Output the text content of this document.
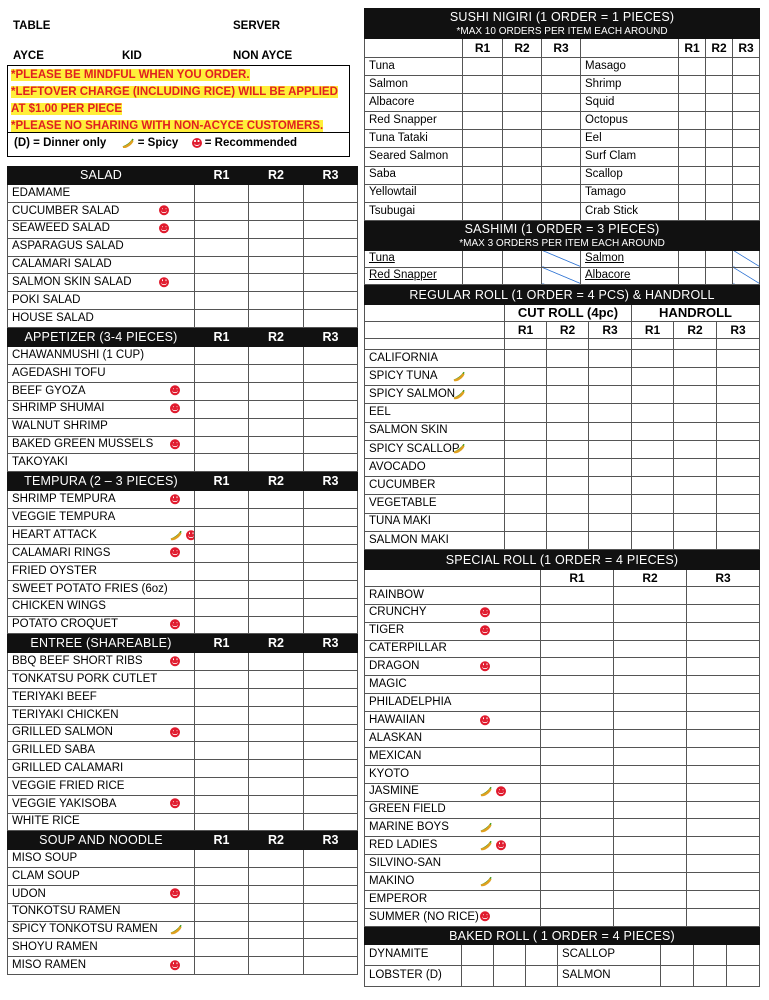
TABLE	SERVER
AYCE	KID	NON AYCE
*PLEASE BE MINDFUL WHEN YOU ORDER.
*LEFTOVER CHARGE (INCLUDING RICE) WILL BE APPLIED
AT $1.00 PER PIECE
*PLEASE NO SHARING WITH NON-ACYCE CUSTOMERS.
(D) = Dinner only	= Spicy = Recommended
SALAD	R1	R2	R3
EDAMAME			
CUCUMBER SALAD

SEAWEED SALAD

ASPARAGUS SALAD			
CALAMARI SALAD			
SALMON SKIN SALAD

POKI SALAD			
HOUSE SALAD			
APPETIZER (3-4 PIECES)	R1	R2	R3
CHAWANMUSHI (1 CUP)			
AGEDASHI TOFU			
BEEF GYOZA

SHRIMP SHUMAI

WALNUT SHRIMP			
BAKED GREEN MUSSELS

TAKOYAKI			
TEMPURA (2 – 3 PIECES)	R1	R2	R3
SHRIMP TEMPURA

VEGGIE TEMPURA			
HEART ATTACK

CALAMARI RINGS

FRIED OYSTER			
SWEET POTATO FRIES (6oz)			
CHICKEN WINGS			
POTATO CROQUET

ENTREE (SHAREABLE)	R1	R2	R3
BBQ BEEF SHORT RIBS

TONKATSU PORK CUTLET			
TERIYAKI BEEF			
TERIYAKI CHICKEN			
GRILLED SALMON

GRILLED SABA			
GRILLED CALAMARI			
VEGGIE FRIED RICE			
VEGGIE YAKISOBA

WHITE RICE			
SOUP AND NOODLE	R1	R2	R3
MISO SOUP			
CLAM SOUP			
UDON

TONKOTSU RAMEN			
SPICY TONKOTSU RAMEN

SHOYU RAMEN			
MISO RAMEN

SUSHI NIGIRI (1 ORDER = 1 PIECES)							
*MAX 10 ORDERS PER ITEM EACH AROUND							
	R1	R2	R3		R1	R2	R3
Tuna				Masago			
Salmon				Shrimp			
Albacore				Squid			
Red Snapper				Octopus			
Tuna Tataki				Eel			
Seared Salmon				Surf Clam			
Saba				Scallop			
Yellowtail				Tamago			
Tsubugai				Crab Stick			
SASHIMI (1 ORDER = 3 PIECES)							
*MAX 3 ORDERS PER ITEM EACH AROUND							
Tuna				Salmon			
Red Snapper				Albacore			
REGULAR ROLL (1 ORDER = 4 PCS) & HANDROLL						
	CUT ROLL (4pc)			HANDROLL		
	R1	R2	R3	R1	R2	R3

CALIFORNIA						
SPICY TUNA

SPICY SALMON

EEL						
SALMON SKIN						
SPICY SCALLOP

AVOCADO						
CUCUMBER						
VEGETABLE						
TUNA MAKI						
SALMON MAKI						
SPECIAL ROLL (1 ORDER = 4 PIECES)			
	R1	R2	R3
RAINBOW			
CRUNCHY

TIGER

CATERPILLAR			
DRAGON

MAGIC			
PHILADELPHIA			
HAWAIIAN

ALASKAN			
MEXICAN			
KYOTO			
JASMINE

GREEN FIELD			
MARINE BOYS

RED LADIES

SILVINO-SAN			
MAKINO

EMPEROR			
SUMMER (NO RICE)

BAKED ROLL ( 1 ORDER = 4 PIECES)							
DYNAMITE				SCALLOP			
LOBSTER (D)				SALMON			
